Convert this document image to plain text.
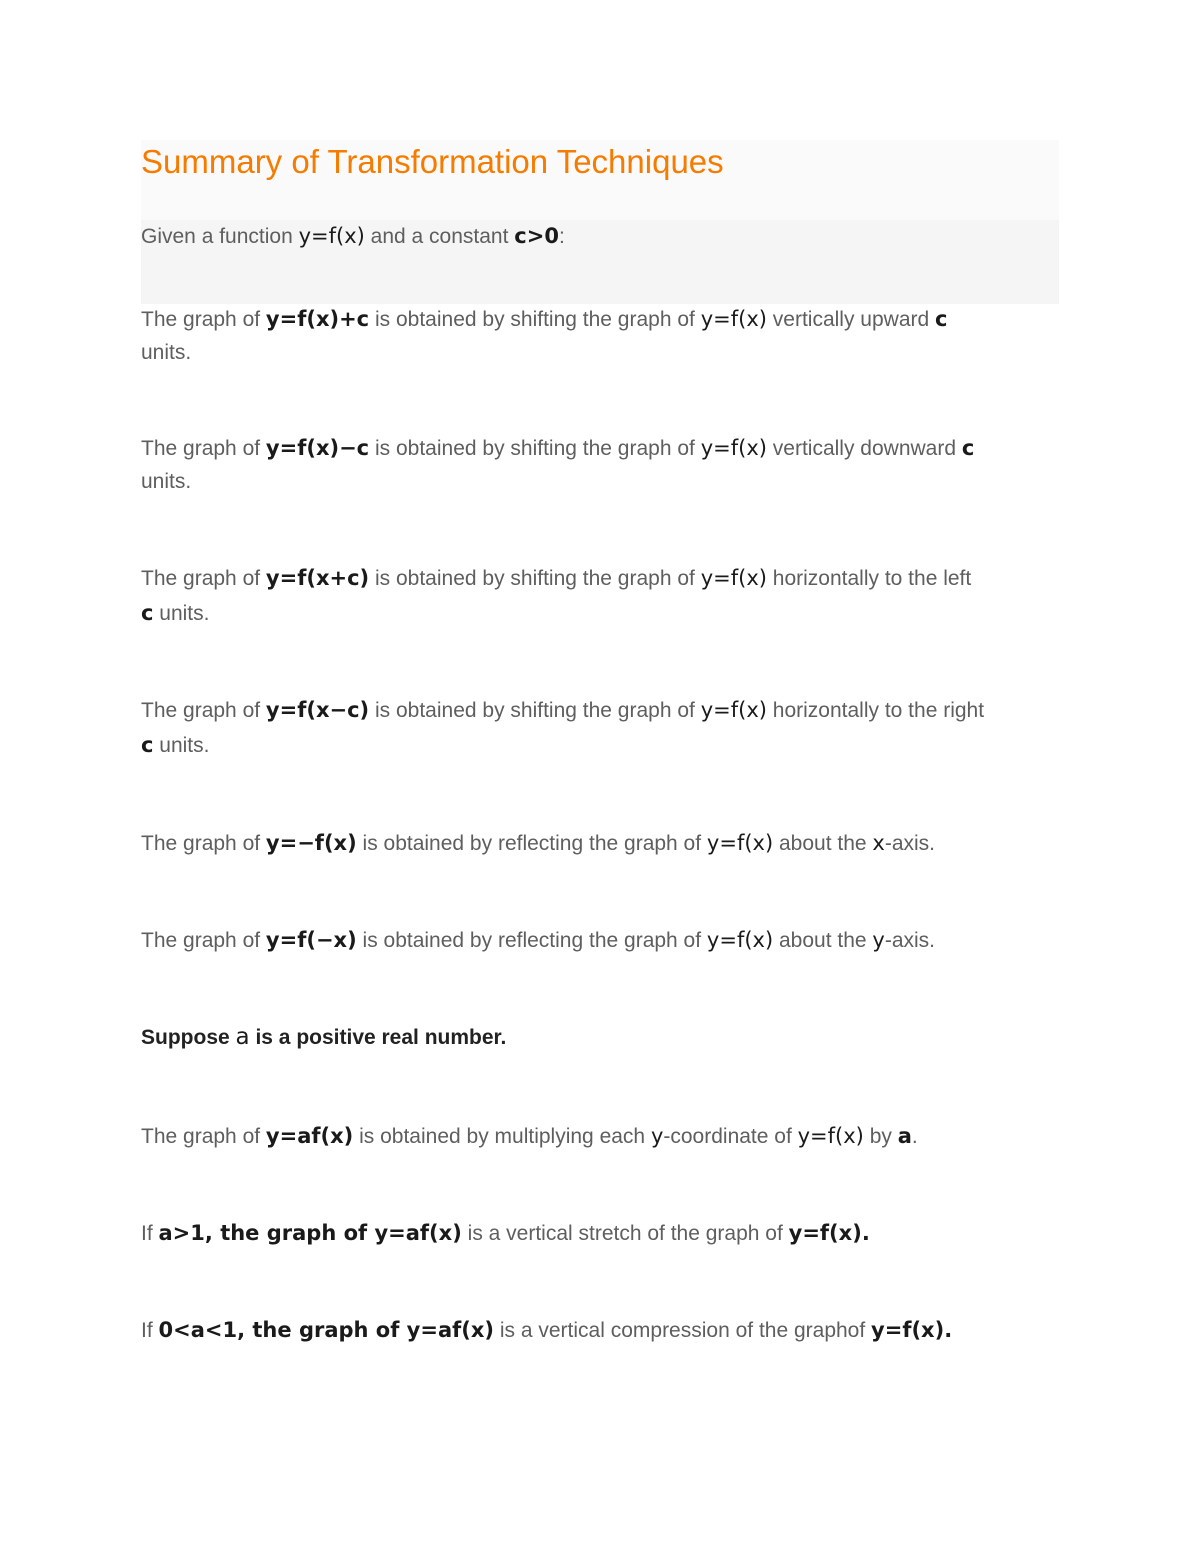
Summary of Transformation Techniques

Given a function y=f(x) and a constant c>0:

The graph of y=f(x)+c is obtained by shifting the graph of y=f(x) vertically upward c
units.

The graph of y=f(x)−c is obtained by shifting the graph of y=f(x) vertically downward c
units.

The graph of y=f(x+c) is obtained by shifting the graph of y=f(x) horizontally to the left
c units.

The graph of y=f(x−c) is obtained by shifting the graph of y=f(x) horizontally to the right
c units.

The graph of y=−f(x) is obtained by reflecting the graph of y=f(x) about the x-axis.

The graph of y=f(−x) is obtained by reflecting the graph of y=f(x) about the y-axis.

Suppose a is a positive real number.

The graph of y=af(x) is obtained by multiplying each y-coordinate of y=f(x) by a.

If a>1, the graph of y=af(x) is a vertical stretch of the graph of y=f(x).

If 0<a<1, the graph of y=af(x) is a vertical compression of the graphof y=f(x).
